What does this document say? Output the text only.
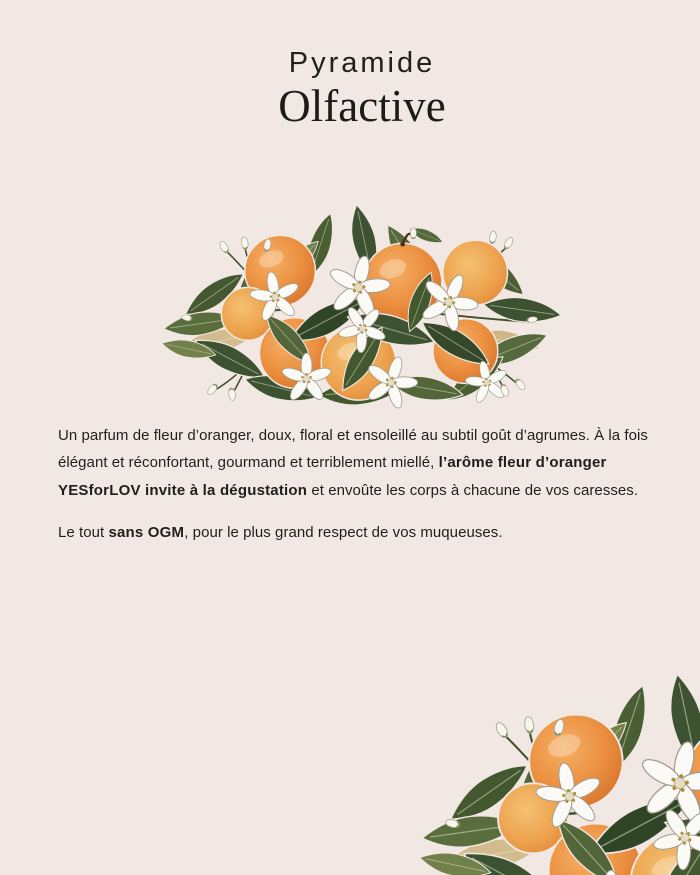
Pyramide
Olfactive

Un parfum de fleur d’oranger, doux, floral et ensoleillé au subtil goût d’agrumes. À la fois élégant et réconfortant, gourmand et terriblement miellé, l’arôme fleur d’oranger YESforLOV invite à la dégustation et envoûte les corps à chacune de vos caresses.

Le tout sans OGM, pour le plus grand respect de vos muqueuses.
